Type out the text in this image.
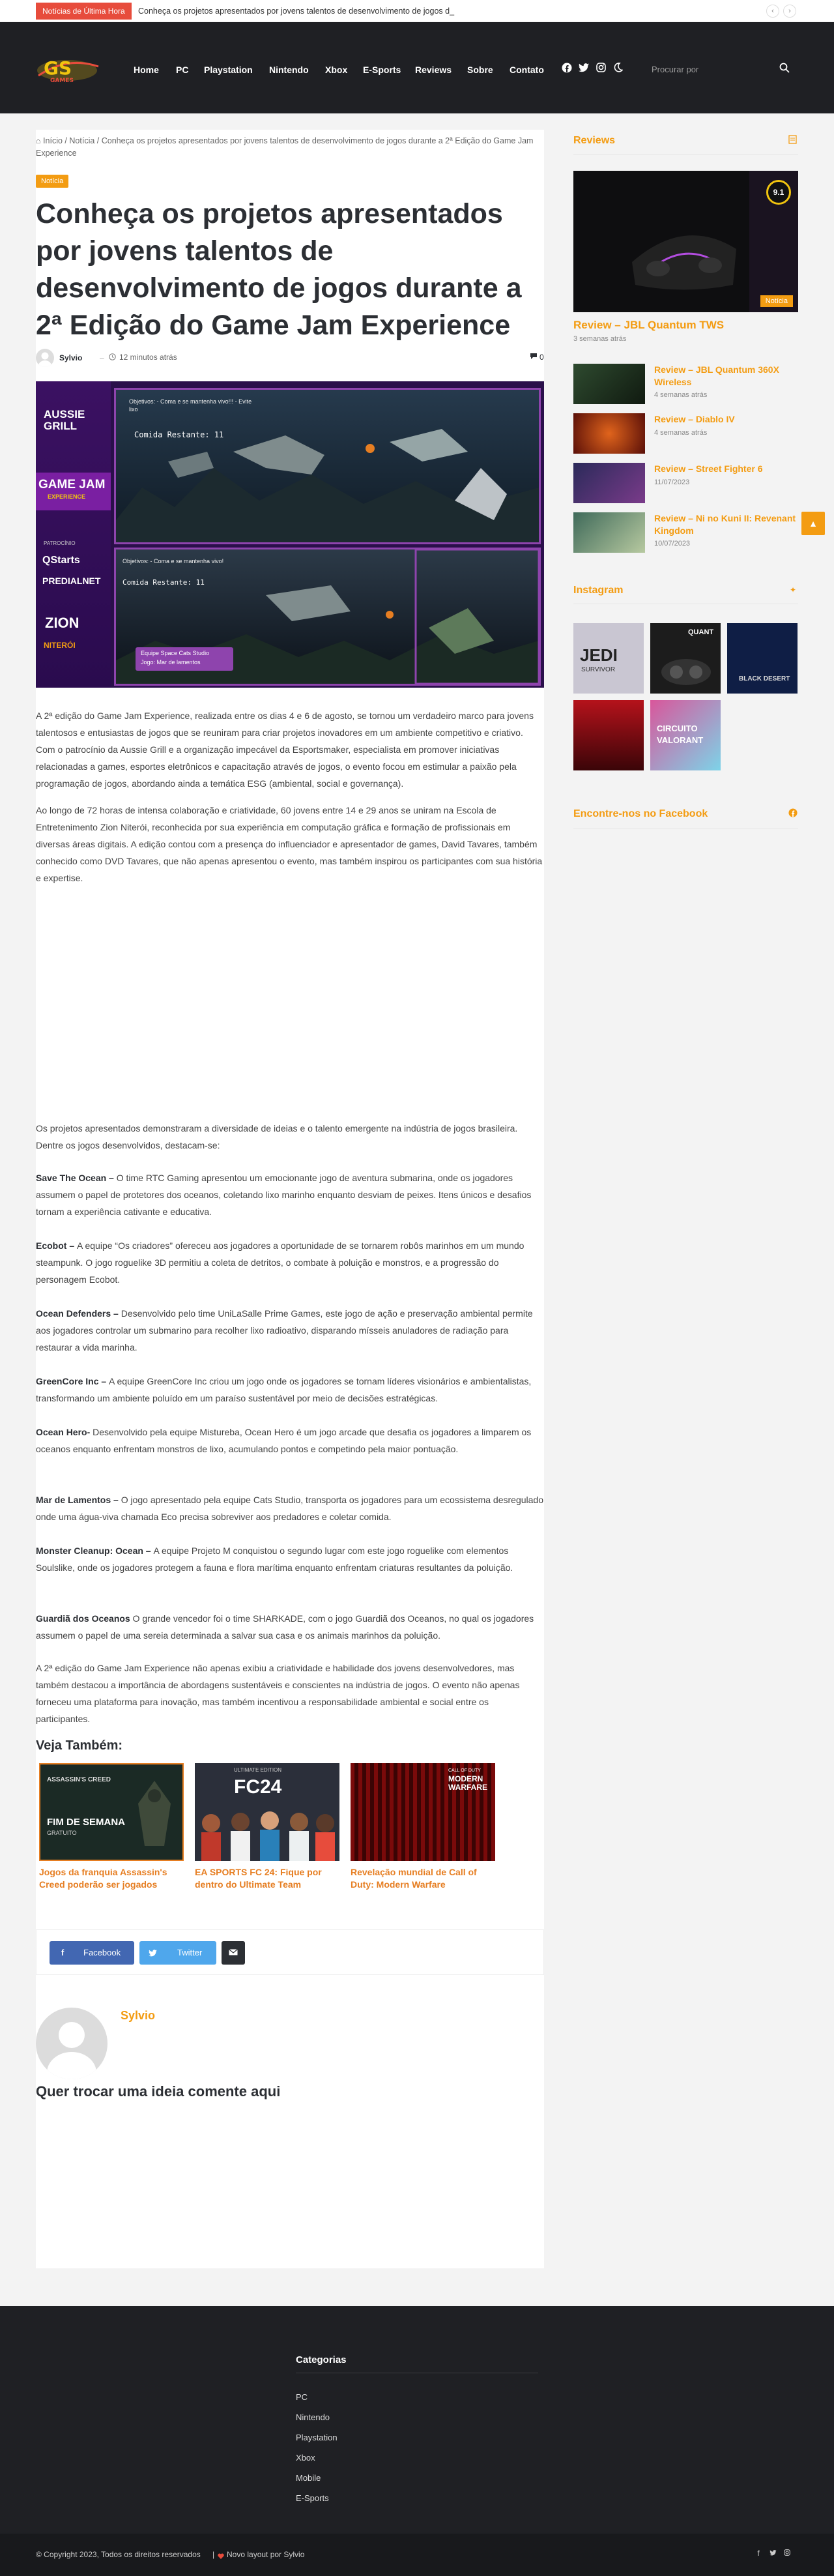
Notícias de Última Hora	Conheça os projetos apresentados por jovens talentos de desenvolvimento de jogos d_	‹	›
GS
GAMES
Home PC Playstation Nintendo Xbox E-Sports Reviews Sobre Contato	Procurar por
⌂ Início / Notícia / Conheça os projetos apresentados por jovens talentos de desenvolvimento de jogos durante a 2ª Edição do Game Jam Experience
Notícia
Conheça os projetos apresentados por jovens talentos de desenvolvimento de jogos durante a 2ª Edição do Game Jam Experience
Sylvio – 12 minutos atrás	0
AUSSIE GRILL
GAME JAM
EXPERIENCE
PATROCÍNIO
QStarts
PREDIALNET
ZION
NITERÓI
Objetivos: - Coma e se mantenha vivo!!! - Evite lixo
Comida Restante: 11
Objetivos: - Coma e se mantenha vivo!
Comida Restante: 11
Equipe Space Cats Studio
Jogo: Mar de lamentos

A 2ª edição do Game Jam Experience, realizada entre os dias 4 e 6 de agosto, se tornou um verdadeiro marco para jovens talentosos e entusiastas de jogos que se reuniram para criar projetos inovadores em um ambiente competitivo e criativo. Com o patrocínio da Aussie Grill e a organização impecável da Esportsmaker, especialista em promover iniciativas relacionadas a games, esportes eletrônicos e capacitação através de jogos, o evento focou em estimular a paixão pela programação de jogos, abordando ainda a temática ESG (ambiental, social e governança).

Ao longo de 72 horas de intensa colaboração e criatividade, 60 jovens entre 14 e 29 anos se uniram na Escola de Entretenimento Zion Niterói, reconhecida por sua experiência em computação gráfica e formação de profissionais em diversas áreas digitais. A edição contou com a presença do influenciador e apresentador de games, David Tavares, também conhecido como DVD Tavares, que não apenas apresentou o evento, mas também inspirou os participantes com sua história e expertise.

Os projetos apresentados demonstraram a diversidade de ideias e o talento emergente na indústria de jogos brasileira. Dentre os jogos desenvolvidos, destacam-se:

Save The Ocean – O time RTC Gaming apresentou um emocionante jogo de aventura submarina, onde os jogadores assumem o papel de protetores dos oceanos, coletando lixo marinho enquanto desviam de peixes. Itens únicos e desafios tornam a experiência cativante e educativa.

Ecobot – A equipe “Os criadores” ofereceu aos jogadores a oportunidade de se tornarem robôs marinhos em um mundo steampunk. O jogo roguelike 3D permitiu a coleta de detritos, o combate à poluição e monstros, e a progressão do personagem Ecobot.

Ocean Defenders – Desenvolvido pelo time UniLaSalle Prime Games, este jogo de ação e preservação ambiental permite aos jogadores controlar um submarino para recolher lixo radioativo, disparando mísseis anuladores de radiação para restaurar a vida marinha.

GreenCore Inc – A equipe GreenCore Inc criou um jogo onde os jogadores se tornam líderes visionários e ambientalistas, transformando um ambiente poluído em um paraíso sustentável por meio de decisões estratégicas.

Ocean Hero- Desenvolvido pela equipe Mistureba, Ocean Hero é um jogo arcade que desafia os jogadores a limparem os oceanos enquanto enfrentam monstros de lixo, acumulando pontos e competindo pela maior pontuação.

Mar de Lamentos – O jogo apresentado pela equipe Cats Studio, transporta os jogadores para um ecossistema desregulado onde uma água-viva chamada Eco precisa sobreviver aos predadores e coletar comida.

Monster Cleanup: Ocean – A equipe Projeto M conquistou o segundo lugar com este jogo roguelike com elementos Soulslike, onde os jogadores protegem a fauna e flora marítima enquanto enfrentam criaturas resultantes da poluição.

Guardiã dos Oceanos O grande vencedor foi o time SHARKADE, com o jogo Guardiã dos Oceanos, no qual os jogadores assumem o papel de uma sereia determinada a salvar sua casa e os animais marinhos da poluição.

A 2ª edição do Game Jam Experience não apenas exibiu a criatividade e habilidade dos jovens desenvolvedores, mas também destacou a importância de abordagens sustentáveis e conscientes na indústria de jogos. O evento não apenas forneceu uma plataforma para inovação, mas também incentivou a responsabilidade ambiental e social entre os participantes.

Veja Também:
ASSASSIN'S CREED
FIM DE SEMANA
GRATUITO
Jogos da franquia Assassin's Creed poderão ser jogados
ULTIMATE EDITION
FC24
EA SPORTS FC 24: Fique por dentro do Ultimate Team
CALL OF DUTY
MODERN WARFARE
Revelação mundial de Call of Duty: Modern Warfare
f Facebook	Twitter
Sylvio
Quer trocar uma ideia comente aqui
Reviews
9.1
Notícia
Review – JBL Quantum TWS
3 semanas atrás
Review – JBL Quantum 360X Wireless
4 semanas atrás
Review – Diablo IV
4 semanas atrás
Review – Street Fighter 6
11/07/2023
Review – Ni no Kuni II: Revenant Kingdom
10/07/2023
▲
Instagram	✦
JEDI
SURVIVOR
QUANT
BLACK DESERT
CIRCUITO
VALORANT
Encontre-nos no Facebook
Categorias
PC
Nintendo
Playstation
Xbox
Mobile
E-Sports
© Copyright 2023, Todos os direitos reservados | Novo layout por Sylvio	f
